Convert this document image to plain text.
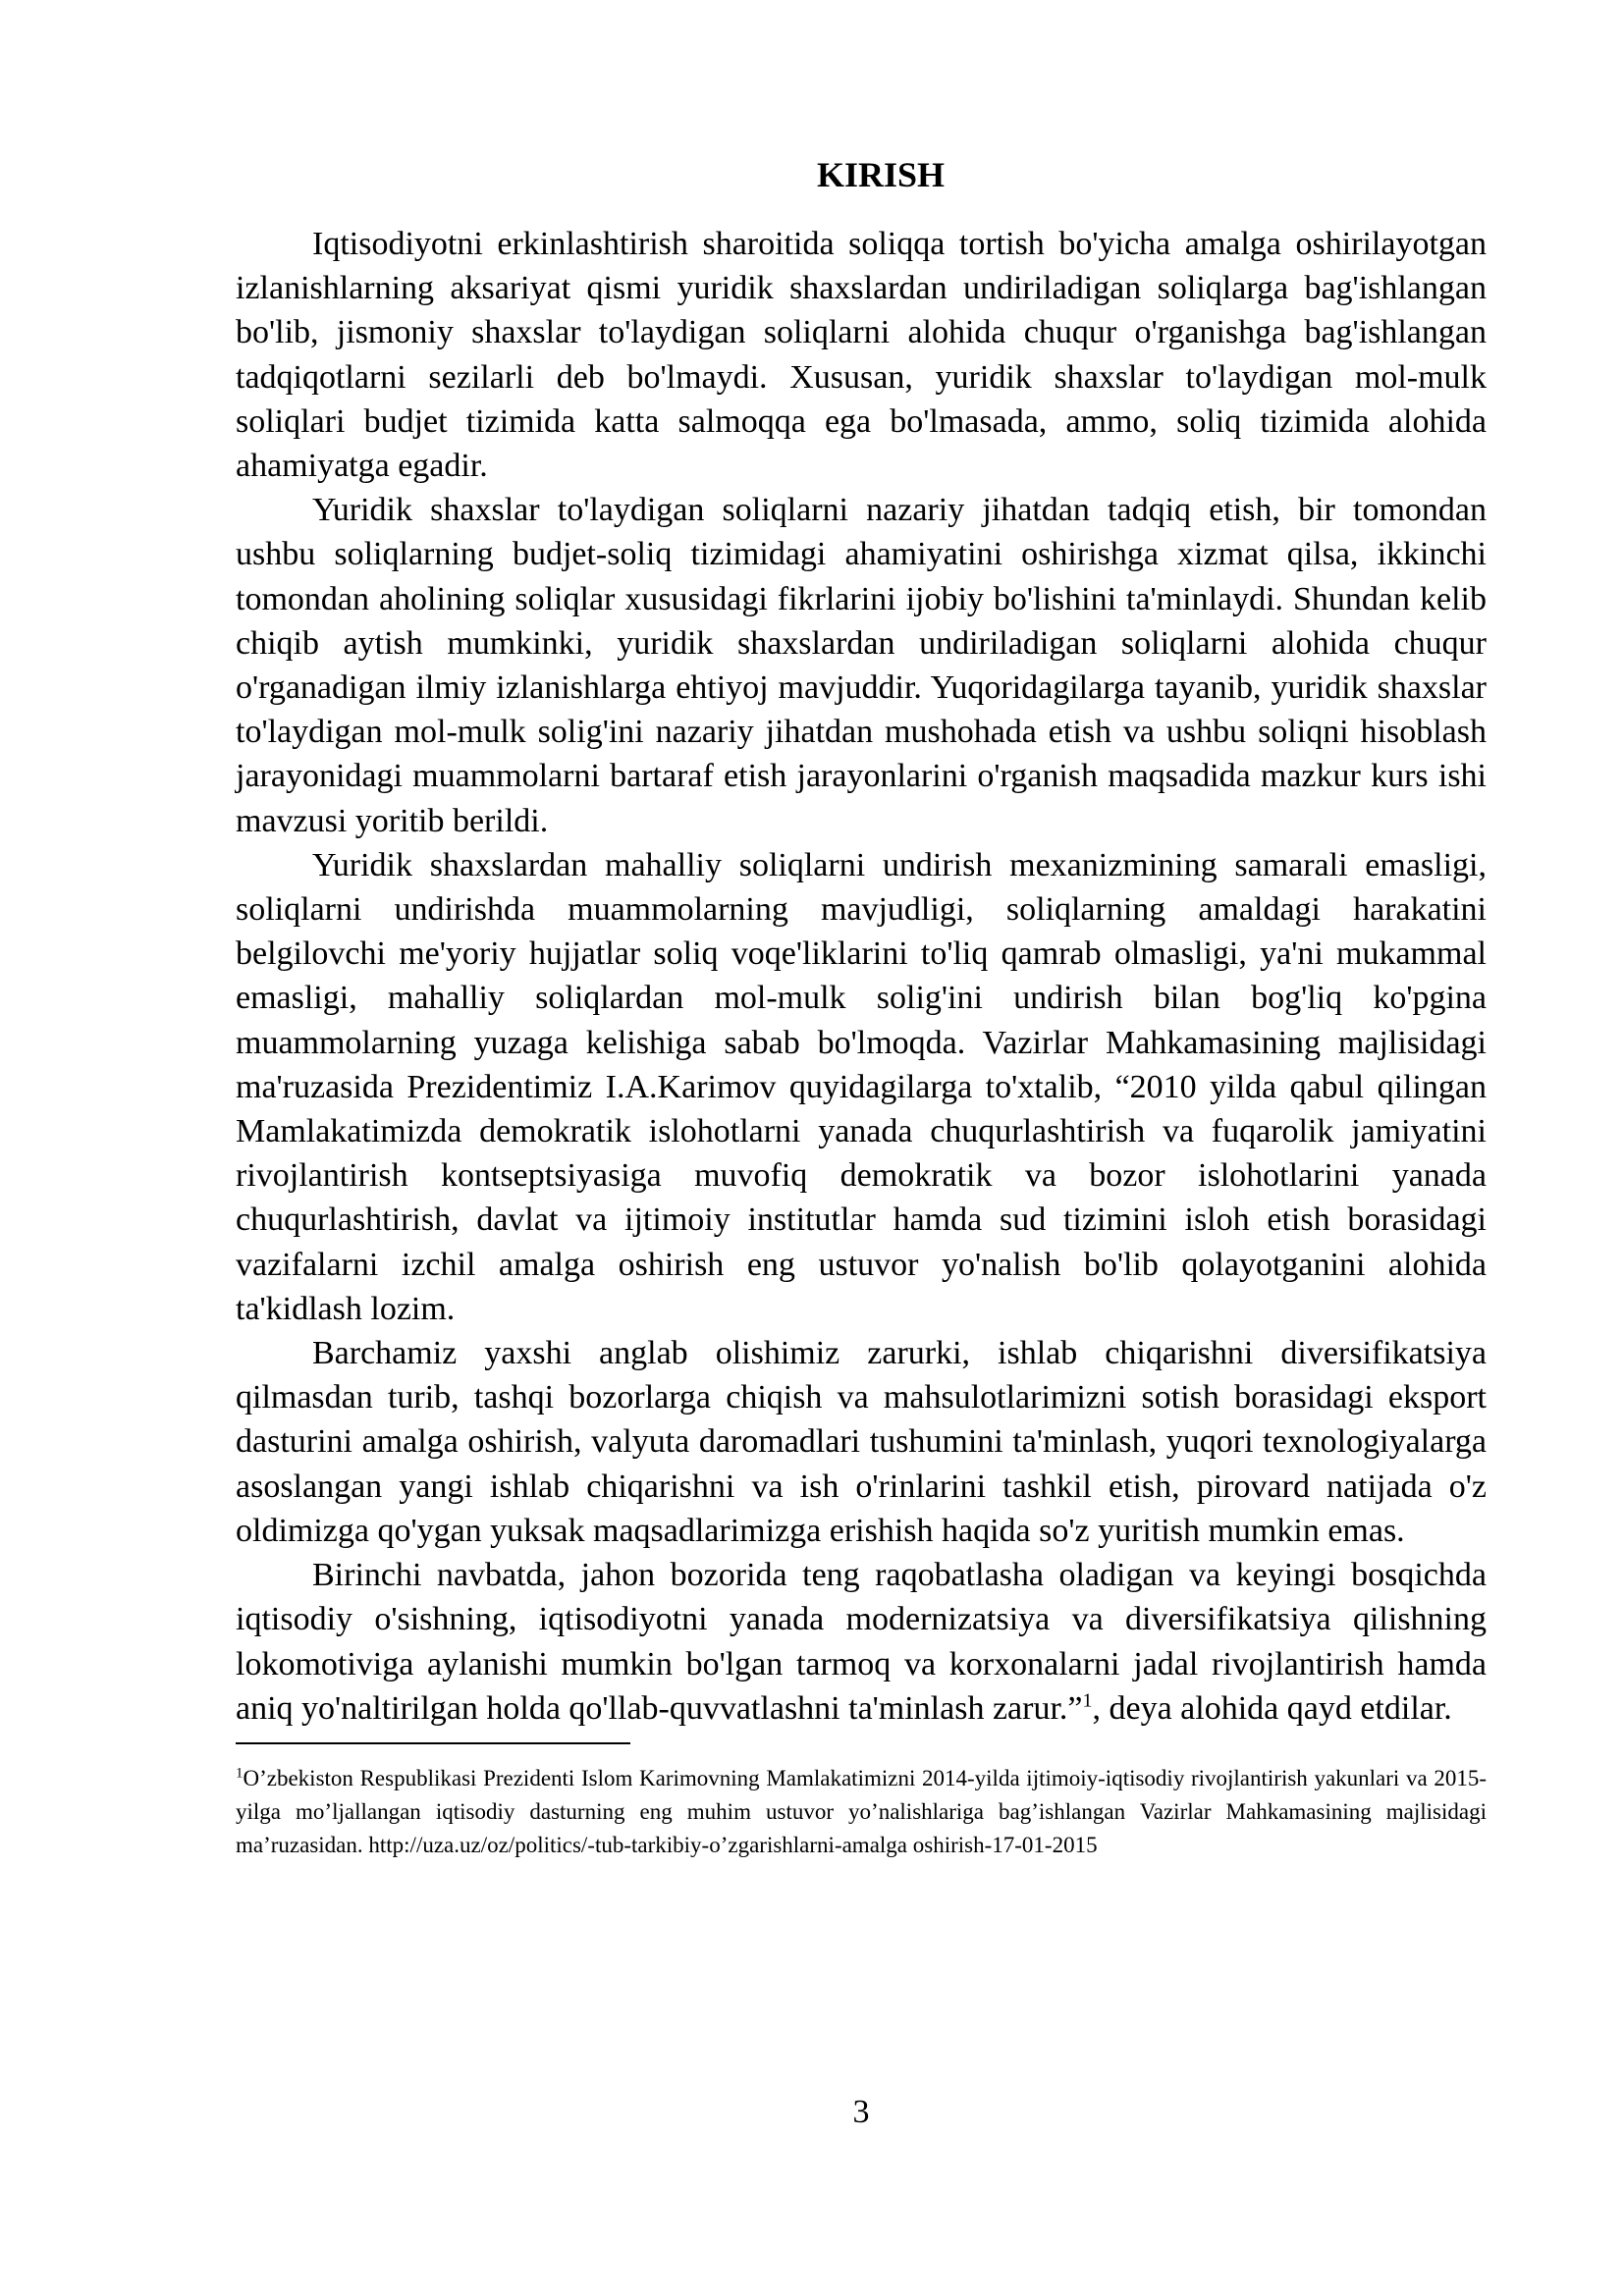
KIRISH

Iqtisodiyotni erkinlashtirish sharoitida soliqqa tortish bo'yicha amalga oshirilayotgan izlanishlarning aksariyat qismi yuridik shaxslardan undiriladigan soliqlarga bag'ishlangan bo'lib, jismoniy shaxslar to'laydigan soliqlarni alohida chuqur o'rganishga bag'ishlangan tadqiqotlarni sezilarli deb bo'lmaydi. Xususan, yuridik shaxslar to'laydigan mol-mulk soliqlari budjet tizimida katta salmoqqa ega bo'lmasada, ammo, soliq tizimida alohida ahamiyatga egadir.

Yuridik shaxslar to'laydigan soliqlarni nazariy jihatdan tadqiq etish, bir tomondan ushbu soliqlarning budjet-soliq tizimidagi ahamiyatini oshirishga xizmat qilsa, ikkinchi tomondan aholining soliqlar xususidagi fikrlarini ijobiy bo'lishini ta'minlaydi. Shundan kelib chiqib aytish mumkinki, yuridik shaxslardan undiriladigan soliqlarni alohida chuqur o'rganadigan ilmiy izlanishlarga ehtiyoj mavjuddir. Yuqoridagilarga tayanib, yuridik shaxslar to'laydigan mol-mulk solig'ini nazariy jihatdan mushohada etish va ushbu soliqni hisoblash jarayonidagi muammolarni bartaraf etish jarayonlarini o'rganish maqsadida mazkur kurs ishi mavzusi yoritib berildi.

Yuridik shaxslardan mahalliy soliqlarni undirish mexanizmining samarali emasligi, soliqlarni undirishda muammolarning mavjudligi, soliqlarning amaldagi harakatini belgilovchi me'yoriy hujjatlar soliq voqe'liklarini to'liq qamrab olmasligi, ya'ni mukammal emasligi, mahalliy soliqlardan mol-mulk solig'ini undirish bilan bog'liq ko'pgina muammolarning yuzaga kelishiga sabab bo'lmoqda. Vazirlar Mahkamasining majlisidagi ma'ruzasida Prezidentimiz I.A.Karimov quyidagilarga to'xtalib, “2010 yilda qabul qilingan Mamlakatimizda demokratik islohotlarni yanada chuqurlashtirish va fuqarolik jamiyatini rivojlantirish kontseptsiyasiga muvofiq demokratik va bozor islohotlarini yanada chuqurlashtirish, davlat va ijtimoiy institutlar hamda sud tizimini isloh etish borasidagi vazifalarni izchil amalga oshirish eng ustuvor yo'nalish bo'lib qolayotganini alohida ta'kidlash lozim.

Barchamiz yaxshi anglab olishimiz zarurki, ishlab chiqarishni diversifikatsiya qilmasdan turib, tashqi bozorlarga chiqish va mahsulotlarimizni sotish borasidagi eksport dasturini amalga oshirish, valyuta daromadlari tushumini ta'minlash, yuqori texnologiyalarga asoslangan yangi ishlab chiqarishni va ish o'rinlarini tashkil etish, pirovard natijada o'z oldimizga qo'ygan yuksak maqsadlarimizga erishish haqida so'z yuritish mumkin emas.

Birinchi navbatda, jahon bozorida teng raqobatlasha oladigan va keyingi bosqichda iqtisodiy o'sishning, iqtisodiyotni yanada modernizatsiya va diversifikatsiya qilishning lokomotiviga aylanishi mumkin bo'lgan tarmoq va korxonalarni jadal rivojlantirish hamda aniq yo'naltirilgan holda qo'llab-quvvatlashni ta'minlash zarur.”$^1$, deya alohida qayd etdilar.

$^1$O’zbekiston Respublikasi Prezidenti Islom Karimovning Mamlakatimizni 2014-yilda ijtimoiy-iqtisodiy rivojlantirish yakunlari va 2015-yilga mo’ljallangan iqtisodiy dasturning eng muhim ustuvor yo’nalishlariga bag’ishlangan Vazirlar Mahkamasining majlisidagi ma’ruzasidan. http://uza.uz/oz/politics/-tub-tarkibiy-o’zgarishlarni-amalga oshirish-17-01-2015

3
